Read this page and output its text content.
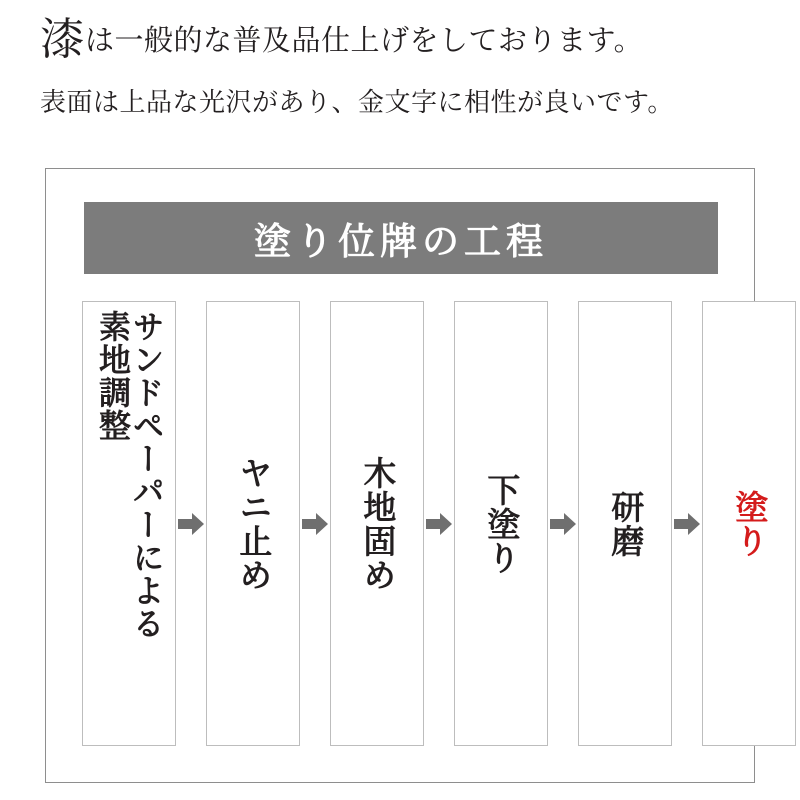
漆は一般的な普及品仕上げをしております。
表面は上品な光沢があり、金文字に相性が良いです。
塗り位牌の工程
サンドペーパーによる
素地調整
ヤニ止め	木地固め	下塗り	研磨	塗り
